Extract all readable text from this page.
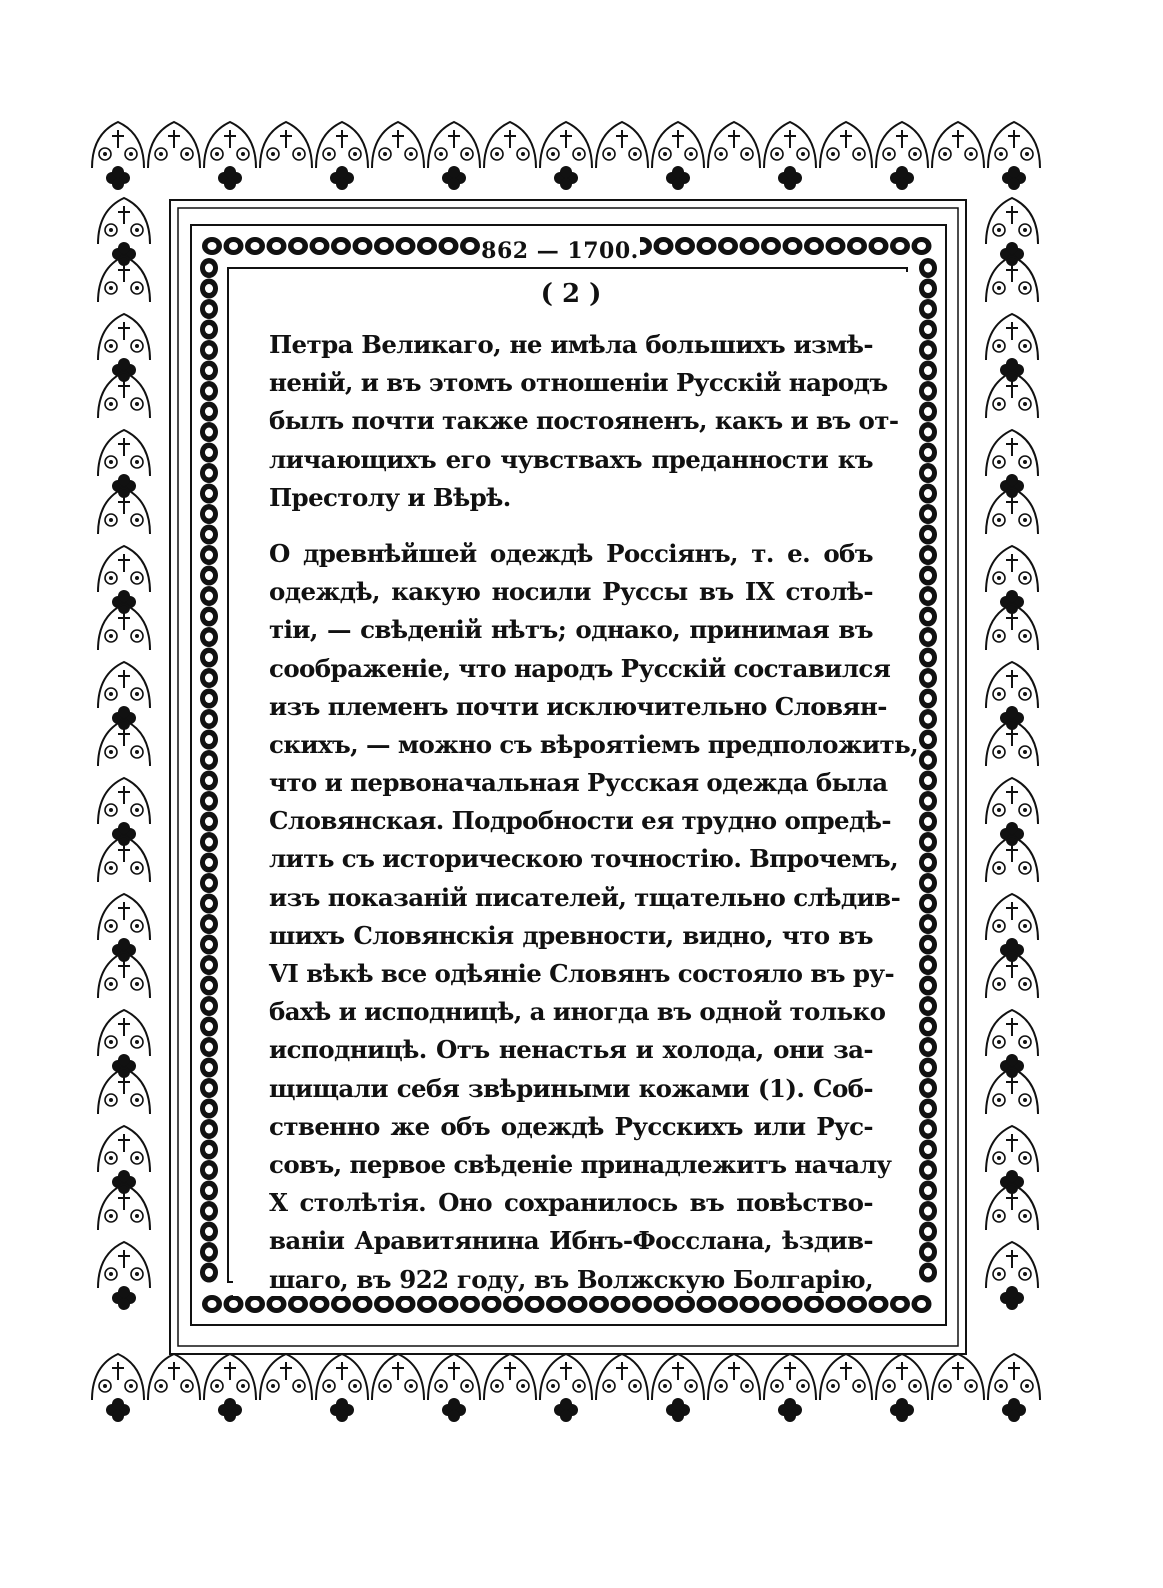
862 — 1700.
( 2 )
Петра Великаго, не имѣла большихъ измѣ-
неній, и въ этомъ отношеніи Русскій народъ
былъ почти также постояненъ, какъ и въ от-
личающихъ его чувствахъ преданности къ
Престолу и Вѣрѣ.
О древнѣйшей одеждѣ Россіянъ, т. е. объ
одеждѣ, какую носили Руссы въ IX столѣ-
тіи, — свѣденій нѣтъ; однако, принимая въ
соображеніе, что народъ Русскій составился
изъ племенъ почти исключительно Словян-
скихъ, — можно съ вѣроятіемъ предположить,
что и первоначальная Русская одежда была
Словянская. Подробности ея трудно опредѣ-
лить съ историческою точностію. Впрочемъ,
изъ показаній писателей, тщательно слѣдив-
шихъ Словянскія древности, видно, что въ
VI вѣкѣ все одѣяніе Словянъ состояло въ ру-
бахѣ и исподницѣ, а иногда въ одной только
исподницѣ. Отъ ненастья и холода, они за-
щищали себя звѣриными кожами (1). Соб-
ственно же объ одеждѣ Русскихъ или Рус-
совъ, первое свѣденіе принадлежитъ началу
X столѣтія. Оно сохранилось въ повѣство-
ваніи Аравитянина Ибнъ-Фосслана, ѣздив-
шаго, въ 922 году, въ Волжскую Болгарію,
